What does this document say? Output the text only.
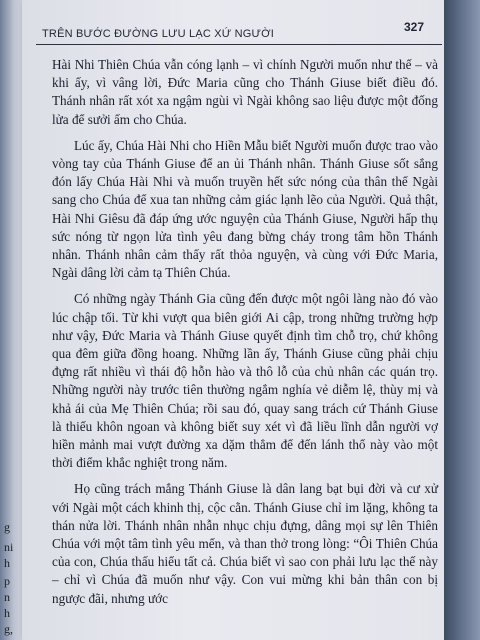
g
ni
h
p
n
h
g,
TRÊN BƯỚC ĐƯỜNG LƯU LẠC XỨ NGƯỜI	327

Hài Nhi Thiên Chúa vẫn cóng lạnh – vì chính Người muốn như thế – và khi ấy, vì vâng lời, Đức Maria cũng cho Thánh Giuse biết điều đó. Thánh nhân rất xót xa ngậm ngùi vì Ngài không sao liệu được một đống lửa để sưởi ấm cho Chúa.

Lúc ấy, Chúa Hài Nhi cho Hiền Mẫu biết Người muốn được trao vào vòng tay của Thánh Giuse để an ủi Thánh nhân. Thánh Giuse sốt sắng đón lấy Chúa Hài Nhi và muốn truyền hết sức nóng của thân thể Ngài sang cho Chúa để xua tan những cảm giác lạnh lẽo của Người. Quả thật, Hài Nhi Giêsu đã đáp ứng ước nguyện của Thánh Giuse, Người hấp thụ sức nóng từ ngọn lửa tình yêu đang bừng cháy trong tâm hồn Thánh nhân. Thánh nhân cảm thấy rất thỏa nguyện, và cùng với Đức Maria, Ngài dâng lời cảm tạ Thiên Chúa.

Có những ngày Thánh Gia cũng đến được một ngôi làng nào đó vào lúc chập tối. Từ khi vượt qua biên giới Ai cập, trong những trường hợp như vậy, Đức Maria và Thánh Giuse quyết định tìm chỗ trọ, chứ không qua đêm giữa đồng hoang. Những lần ấy, Thánh Giuse cũng phải chịu đựng rất nhiều vì thái độ hỗn hào và thô lỗ của chủ nhân các quán trọ. Những người này trước tiên thường ngắm nghía vẻ diễm lệ, thùy mị và khả ái của Mẹ Thiên Chúa; rồi sau đó, quay sang trách cứ Thánh Giuse là thiếu khôn ngoan và không biết suy xét vì đã liều lĩnh dẫn người vợ hiền mảnh mai vượt đường xa dặm thẳm để đến lánh thổ này vào một thời điểm khắc nghiệt trong năm.

Họ cũng trách mắng Thánh Giuse là dân lang bạt bụi đời và cư xử với Ngài một cách khinh thị, cộc cằn. Thánh Giuse chỉ im lặng, không ta thán nửa lời. Thánh nhân nhẫn nhục chịu đựng, dâng mọi sự lên Thiên Chúa với một tâm tình yêu mến, và than thở trong lòng: “Ôi Thiên Chúa của con, Chúa thấu hiểu tất cả. Chúa biết vì sao con phải lưu lạc thế này – chỉ vì Chúa đã muốn như vậy. Con vui mừng khi bản thân con bị ngược đãi, nhưng ước
